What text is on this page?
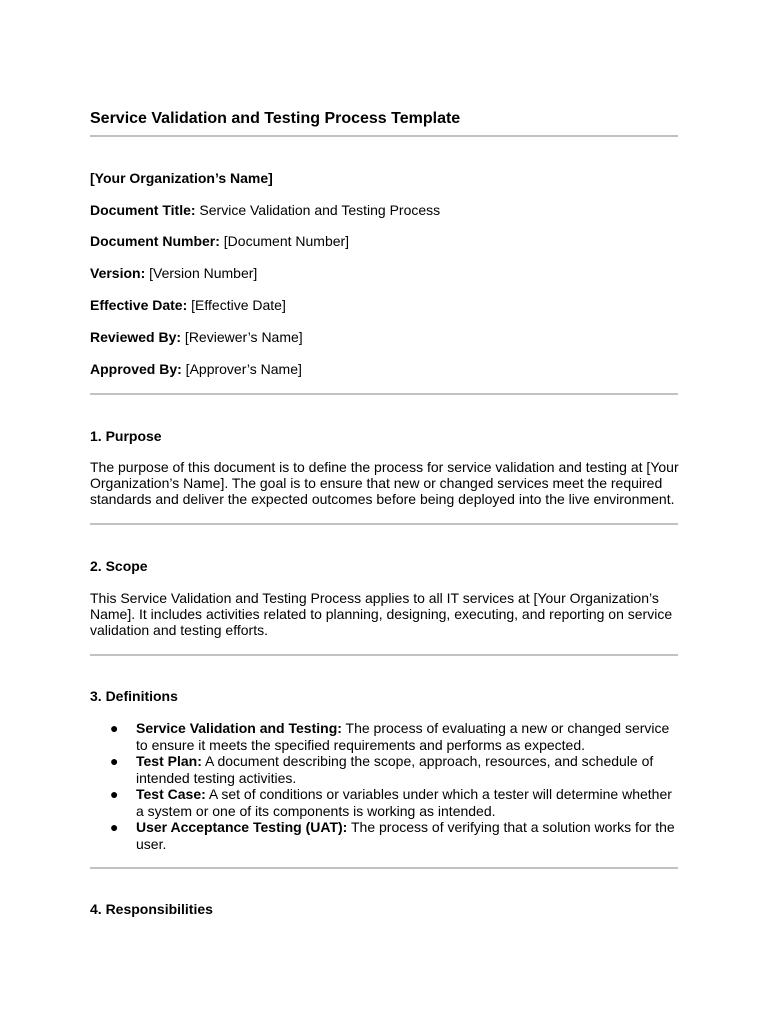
Service Validation and Testing Process Template
[Your Organization’s Name]
Document Title: Service Validation and Testing Process
Document Number: [Document Number]
Version: [Version Number]
Effective Date: [Effective Date]
Reviewed By: [Reviewer’s Name]
Approved By: [Approver’s Name]
1. Purpose
The purpose of this document is to define the process for service validation and testing at [Your
Organization’s Name]. The goal is to ensure that new or changed services meet the required
standards and deliver the expected outcomes before being deployed into the live environment.
2. Scope
This Service Validation and Testing Process applies to all IT services at [Your Organization’s
Name]. It includes activities related to planning, designing, executing, and reporting on service
validation and testing efforts.
3. Definitions
● Service Validation and Testing: The process of evaluating a new or changed service
to ensure it meets the specified requirements and performs as expected.
● Test Plan: A document describing the scope, approach, resources, and schedule of
intended testing activities.
● Test Case: A set of conditions or variables under which a tester will determine whether
a system or one of its components is working as intended.
● User Acceptance Testing (UAT): The process of verifying that a solution works for the
user.
4. Responsibilities
